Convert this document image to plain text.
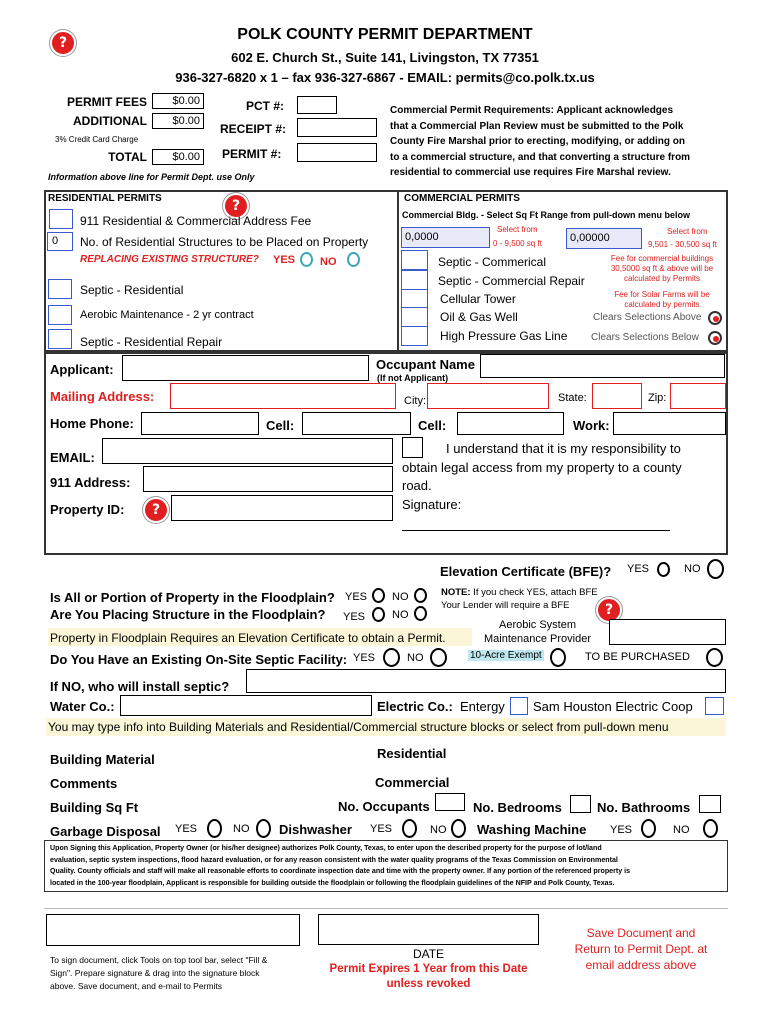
?	POLK COUNTY PERMIT DEPARTMENT
602 E. Church St., Suite 141, Livingston, TX 77351
936-327-6820 x 1 – fax 936-327-6867 - EMAIL: permits@co.polk.tx.us
PERMIT FEES	$0.00
ADDITIONAL	$0.00
3% Credit Card Charge
TOTAL	$0.00
PCT #:
RECEIPT #:
PERMIT #:
Information above line for Permit Dept. use Only
Commercial Permit Requirements: Applicant acknowledges
that a Commercial Plan Review must be submitted to the Polk
County Fire Marshal prior to erecting, modifying, or adding on
to a commercial structure, and that converting a structure from
residential to commercial use requires Fire Marshal review.
RESIDENTIAL PERMITS	?
911 Residential & Commercial Address Fee
0	No. of Residential Structures to be Placed on Property
REPLACING EXISTING STRUCTURE? YES NO
Septic - Residential
Aerobic Maintenance - 2 yr contract
Septic - Residential Repair
COMMERCIAL PERMITS
Commercial Bldg. - Select Sq Ft Range from pull-down menu below
Select from
0 - 9,500 sq ft
Select from
9,501 - 30,500 sq ft
0,0000	0,00000
Septic - Commerical
Septic - Commercial Repair
Cellular Tower
Oil & Gas Well
High Pressure Gas Line
Fee for commercial buildings
30,5000 sq ft & above will be
calculated by Permits
Fee for Solar Farms will be
calculated by permits
Clears Selections Above
Clears Selections Below
Applicant:	Occupant Name
(If not Applicant)
Mailing Address:	City:	State:	Zip:
Home Phone:	Cell:	Cell:	Work:
EMAIL:
I understand that it is my responsibility to
obtain legal access from my property to a county
road.
Signature:
911 Address:
Property ID:	?
Elevation Certificate (BFE)? YES	NO
Is All or Portion of Property in the Floodplain? YES NO
Are You Placing Structure in the Floodplain? YES NO
NOTE: If you check YES, attach BFE
Your Lender will require a BFE	?
Aerobic System
Maintenance Provider
Property in Floodplain Requires an Elevation Certificate to obtain a Permit.
Do You Have an Existing On-Site Septic Facility: YES	NO	10-Acre Exempt	TO BE PURCHASED
If NO, who will install septic?
Water Co.:	Electric Co.: Entergy Sam Houston Electric Coop
You may type info into Building Materials and Residential/Commercial structure blocks or select from pull-down menu
Building Material	Residential
Comments	Commercial
Building Sq Ft	No. Occupants	No. Bedrooms	No. Bathrooms
Garbage Disposal YES	NO Dishwasher YES	NO Washing Machine YES	NO
Upon Signing this Application, Property Owner (or his/her designee) authorizes Polk County, Texas, to enter upon the described property for the purpose of lot/land
evaluation, septic system inspections, flood hazard evaluation, or for any reason consistent with the water quality programs of the Texas Commission on Environmental
Quality. County officials and staff will make all reasonable efforts to coordinate inspection date and time with the property owner. If any portion of the referenced property is
located in the 100-year floodplain, Applicant is responsible for building outside the floodplain or following the floodplain guidelines of the NFIP and Polk County, Texas.
To sign document, click Tools on top tool bar, select "Fill &
Sign". Prepare signature & drag into the signature block
above. Save document, and e-mail to Permits
DATE
Permit Expires 1 Year from this Date
unless revoked
Save Document and
Return to Permit Dept. at
email address above
